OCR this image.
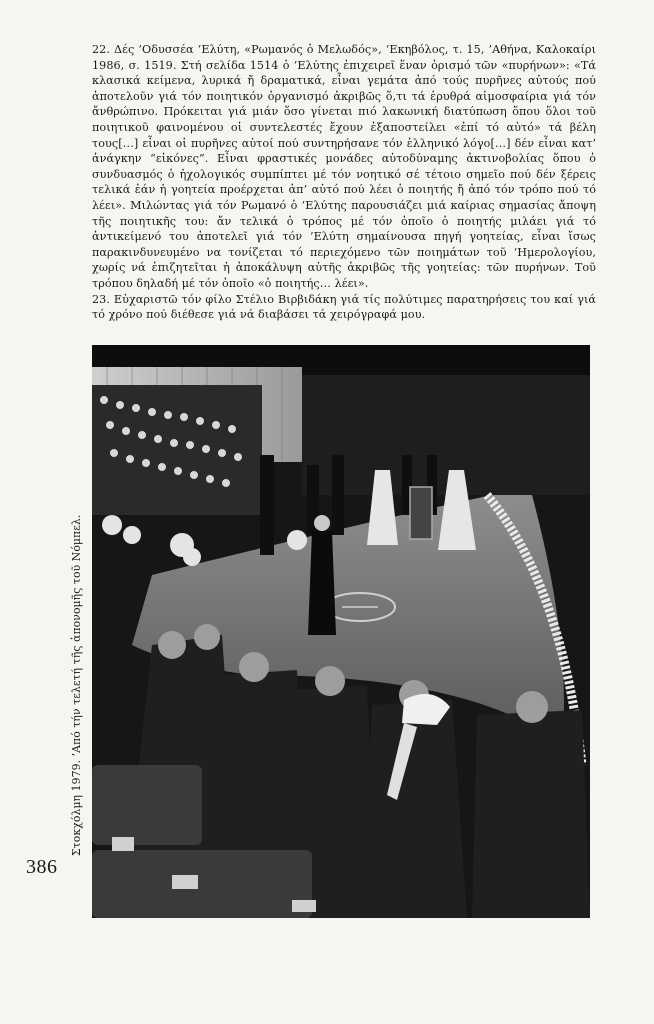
22. Δές ’Οδυσσέα ’Ελύτη, «Ρωμανός ὁ Μελωδός», ‘Εκηβόλος, τ. 15, ’Αθήνα, Καλοκαίρι 1986, σ. 1519. Στή σελίδα 1514 ὁ ’Ελύτης ἐπιχειρεῖ ἕναν ὁρισμό τῶν «πυρήνων»: «Τά κλασικά κείμενα, λυρικά ἤ δραματικά, εἶναι γεμάτα ἀπό τούς πυρῆνες αὐτούς πού ἀποτελοῦν γιά τόν ποιητικόν ὀργανισμό ἀκριβῶς ὅ,τι τά ἐρυθρά αἱμοσφαίρια γιά τόν ἄνθρώπινο. Πρόκειται γιά μιάν ὅσο γίνεται πιό λακωνική διατύπωση ὅπου ὅλοι τοῦ ποιητικοῦ φαινομένου οἱ συντελεστές ἔχουν ἐξαποστείλει «ἐπί τό αὐτό» τά βέλη τους[…] εἶναι οἱ πυρῆνες αὐτοί πού συντηρήσανε τόν ἑλληνικό λόγο[…] δέν εἶναι κατ’ ἀνάγκην “εἰκόνες”. Εἶναι φραστικές μονάδες αὐτοδύναμης ἀκτινοβολίας ὅπου ὁ συνδυασμός ὁ ἠχολογικός συμπίπτει μέ τόν νοητικό σέ τέτοιο σημεῖο πού δέν ξέρεις τελικά ἐάν ἡ γοητεία προέρχεται ἀπ’ αὐτό πού λέει ὁ ποιητής ἤ ἀπό τόν τρόπο πού τό λέει». Μιλώντας γιά τόν Ρωμανό ὁ ’Ελύτης παρουσιάζει μιά καίριας σημασίας ἄποψη τῆς ποιητικῆς του: ἄν τελικά ὁ τρόπος μέ τόν ὁποῖο ὁ ποιητής μιλάει γιά τό ἀντικείμενό του ἀποτελεῖ γιά τόν ’Ελύτη σημαίνουσα πηγή γοητείας, εἶναι ἴσως παρακινδυνευμένο να τονίζεται τό περιεχόμενο τῶν ποιημάτων τοῦ ‘Ημερολογίου, χωρίς νά ἐπιζητεῖται ἡ ἀποκάλυψη αὐτῆς ἀκριβῶς τῆς γοητείας: τῶν πυρήνων. Τοῦ τρόπου δηλαδή μέ τόν ὁποῖο «ὁ ποιητής… λέει».

23. Εὐχαριστῶ τόν φίλο Στέλιο Βιρβιδάκη γιά τίς πολύτιμες παρατηρήσεις του καί γιά τό χρόνο πού διέθεσε γιά νά διαβάσει τά χειρόγραφά μου.

Στοκχόλμη 1979. ’Από τήν τελετή τῆς ἀπονομῆς τοῦ Νόμπελ.
386
